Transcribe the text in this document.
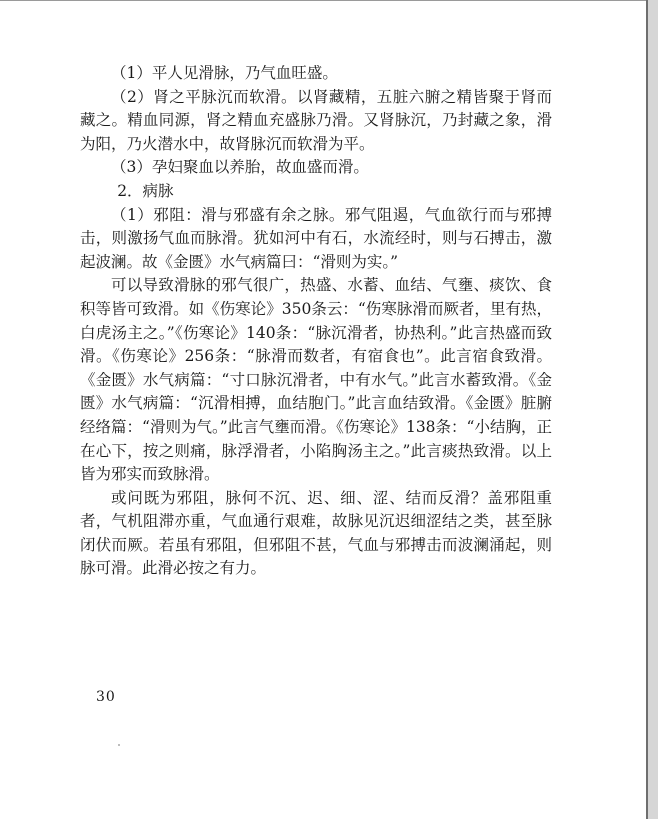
（1）平人见滑脉，乃气血旺盛。

（2）肾之平脉沉而软滑。以肾藏精，五脏六腑之精皆聚于肾而藏之。精血同源，肾之精血充盛脉乃滑。又肾脉沉，乃封藏之象，滑为阳，乃火潜水中，故肾脉沉而软滑为平。

（3）孕妇聚血以养胎，故血盛而滑。

2．病脉

（1）邪阻：滑与邪盛有余之脉。邪气阻遏，气血欲行而与邪搏击，则激扬气血而脉滑。犹如河中有石，水流经时，则与石搏击，激起波澜。故《金匮》水气病篇曰：“滑则为实。”

可以导致滑脉的邪气很广，热盛、水蓄、血结、气壅、痰饮、食积等皆可致滑。如《伤寒论》350条云：“伤寒脉滑而厥者，里有热，白虎汤主之。”《伤寒论》140条：“脉沉滑者，协热利。”此言热盛而致滑。《伤寒论》256条：“脉滑而数者，有宿食也”。此言宿食致滑。《金匮》水气病篇：“寸口脉沉滑者，中有水气。”此言水蓄致滑。《金匮》水气病篇：“沉滑相搏，血结胞门。”此言血结致滑。《金匮》脏腑经络篇：“滑则为气。”此言气壅而滑。《伤寒论》138条：“小结胸，正在心下，按之则痛，脉浮滑者，小陷胸汤主之。”此言痰热致滑。以上皆为邪实而致脉滑。

或问既为邪阻，脉何不沉、迟、细、涩、结而反滑？盖邪阻重者，气机阻滞亦重，气血通行艰难，故脉见沉迟细涩结之类，甚至脉闭伏而厥。若虽有邪阻，但邪阻不甚，气血与邪搏击而波澜涌起，则脉可滑。此滑必按之有力。

30
